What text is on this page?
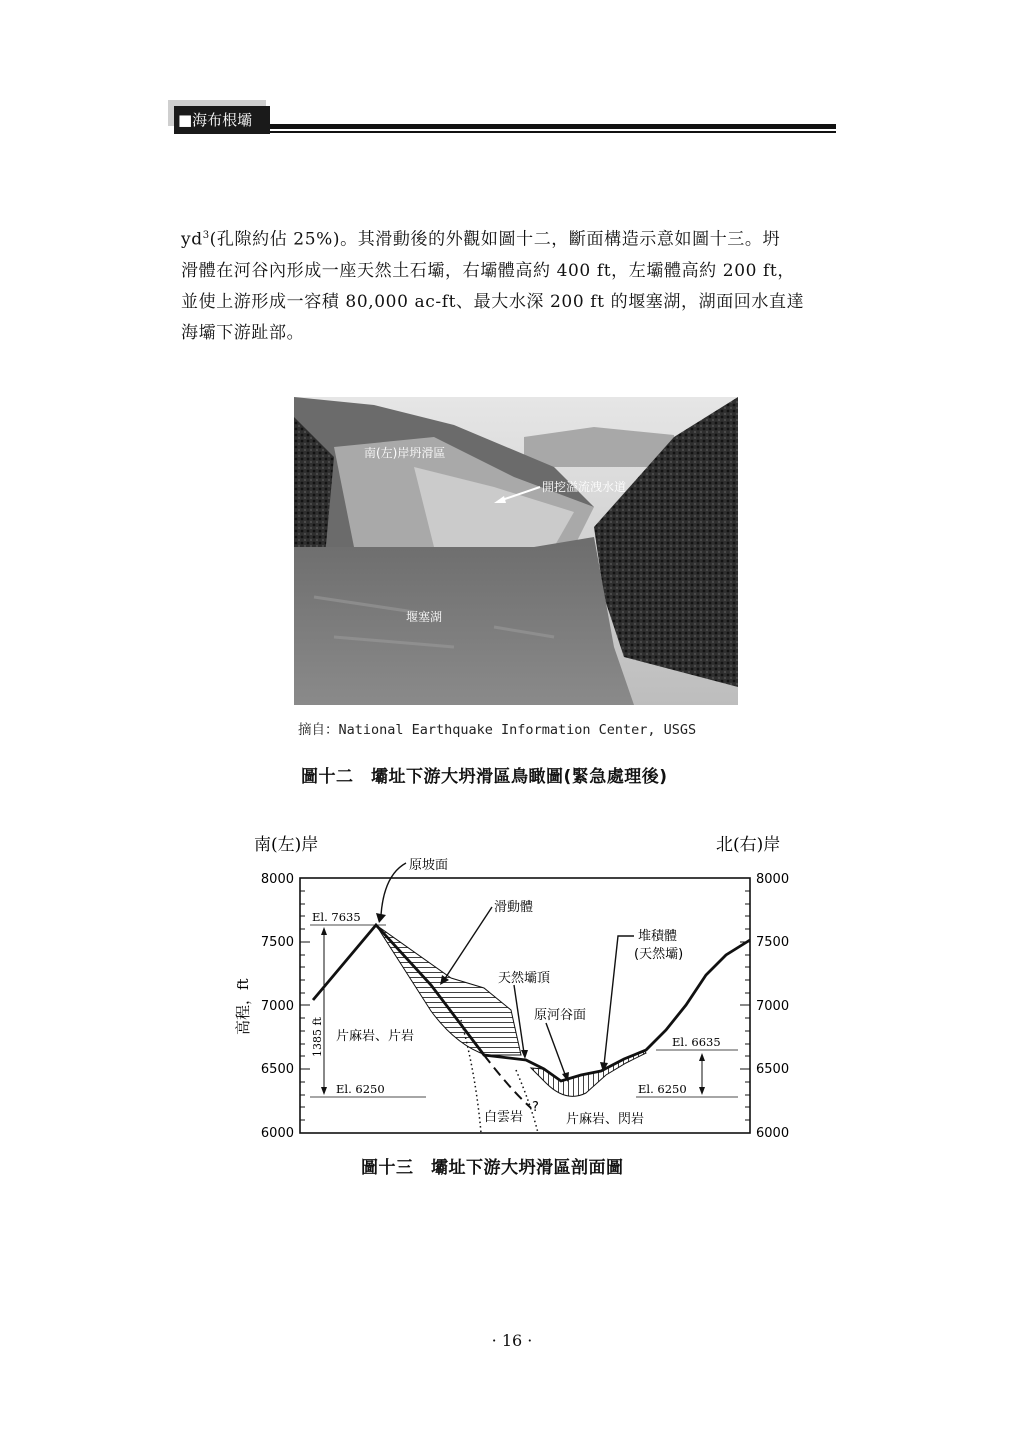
■海布根壩

$yd^3$(孔隙約佔 25%)。其滑動後的外觀如圖十二，斷面構造示意如圖十三。坍

滑體在河谷內形成一座天然土石壩，右壩體高約 400 ft，左壩體高約 200 ft，

並使上游形成一容積 80,000 ac-ft、最大水深 200 ft 的堰塞湖，湖面回水直達

海壩下游趾部。

南(左)岸坍滑區
開挖溢流洩水道
堰塞湖
摘自：National Earthquake Information Center, USGS
圖十二　壩址下游大坍滑區鳥瞰圖(緊急處理後)
南(左)岸	北(右)岸
8000
7500
7000
6500
6000
8000
7500
7000
6500
6000
高程，ft
1385 ft
原坡面
滑動體
堆積體
(天然壩)
天然壩頂
原河谷面
片麻岩、片岩
白雲岩
?
片麻岩、閃岩
El. 7635
El. 6250
El. 6635
El. 6250
圖十三　壩址下游大坍滑區剖面圖
· 16 ·
